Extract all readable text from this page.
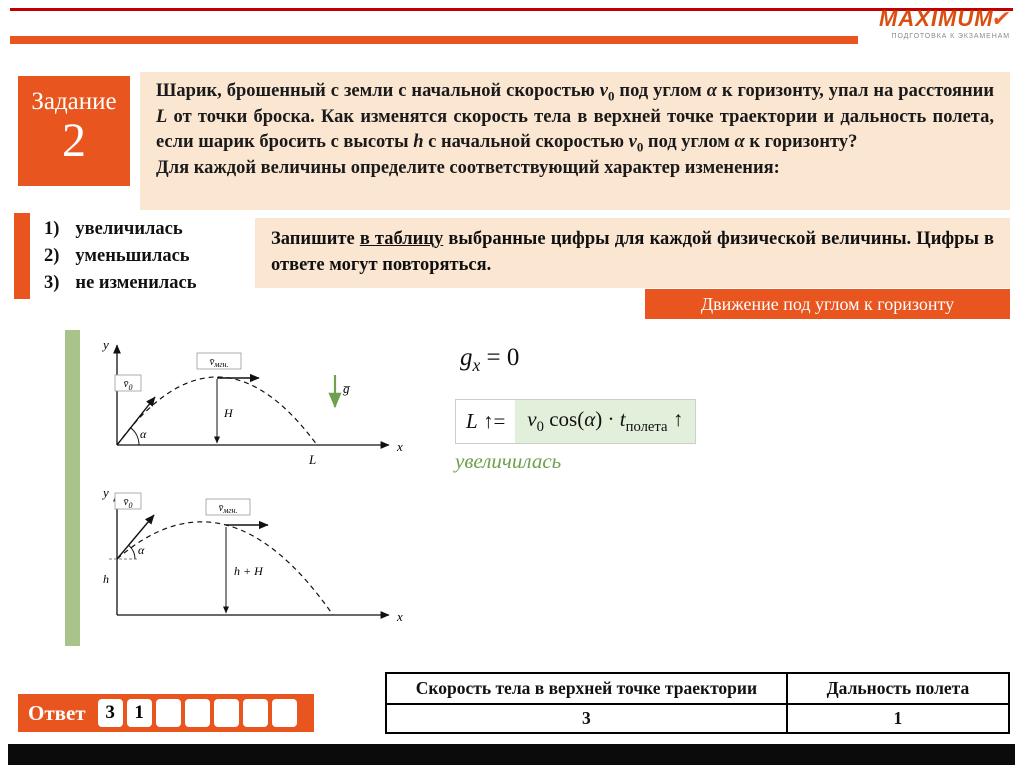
MAXIMUM
✔
ПОДГОТОВКА К ЭКЗАМЕНАМ
Задание
2
Шарик, брошенный с земли с начальной скоростью $v_0$ под углом α к горизонту, упал на расстоянии L от точки броска. Как изменятся скорость тела в верхней точке траектории и дальность полета, если шарик бросить с высоты h с начальной скоростью $v_0$ под углом α к горизонту?
Для каждой величины определите соответствующий характер изменения:
1) увеличилась
2) уменьшилась
3) не изменилась
Запишите в таблицу выбранные цифры для каждой физической величины. Цифры в ответе могут повторяться.
Движение под углом к горизонту
y
x
H
$v̄_0$
v̄мгн.
α
L
g̅
y
x
$v̄_0$	v̄мгн.
h + H
α
h
$g_x = 0$
L ↑=	$v_0$ $\cos(\alpha) \cdot t_{полета}$ ↑
увеличилась
Ответ	3	1
Скорость тела в верхней точке траектории	Дальность полета
3	1
